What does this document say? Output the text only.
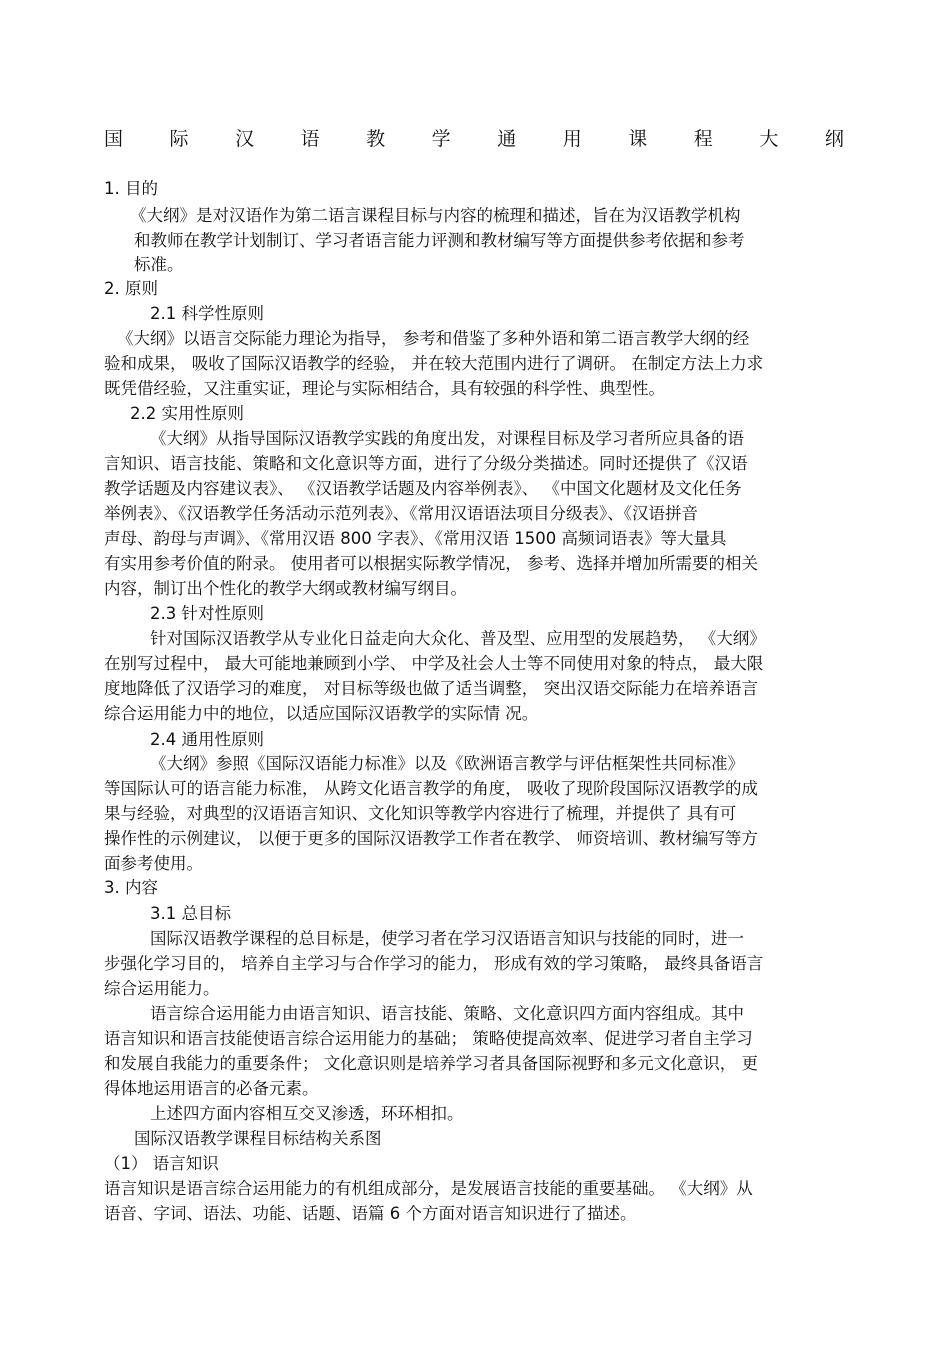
国 际 汉 语 教 学 通 用 课 程 大 纲
1. 目的
《大纲》是对汉语作为第二语言课程目标与内容的梳理和描述，旨在为汉语教学机构
和教师在教学计划制订、学习者语言能力评测和教材编写等方面提供参考依据和参考
标准。
2. 原则
2.1 科学性原则
《大纲》以语言交际能力理论为指导， 参考和借鉴了多种外语和第二语言教学大纲的经
验和成果， 吸收了国际汉语教学的经验， 并在较大范围内进行了调研。 在制定方法上力求
既凭借经验，又注重实证，理论与实际相结合，具有较强的科学性、典型性。
2.2 实用性原则
《大纲》从指导国际汉语教学实践的角度出发，对课程目标及学习者所应具备的语
言知识、语言技能、策略和文化意识等方面，进行了分级分类描述。同时还提供了《汉语
教学话题及内容建议表》、 《汉语教学话题及内容举例表》、 《中国文化题材及文化任务
举例表》、《汉语教学任务活动示范列表》、《常用汉语语法项目分级表》、《汉语拼音
声母、韵母与声调》、《常用汉语 800 字表》、《常用汉语 1500 高频词语表》等大量具
有实用参考价值的附录。 使用者可以根据实际教学情况， 参考、选择并增加所需要的相关
内容，制订出个性化的教学大纲或教材编写纲目。
2.3 针对性原则
针对国际汉语教学从专业化日益走向大众化、普及型、应用型的发展趋势， 《大纲》
在别写过程中， 最大可能地兼顾到小学、 中学及社会人士等不同使用对象的特点， 最大限
度地降低了汉语学习的难度， 对目标等级也做了适当调整， 突出汉语交际能力在培养语言
综合运用能力中的地位，以适应国际汉语教学的实际情 况。
2.4 通用性原则
《大纲》参照《国际汉语能力标准》以及《欧洲语言教学与评估框架性共同标准》
等国际认可的语言能力标准， 从跨文化语言教学的角度， 吸收了现阶段国际汉语教学的成
果与经验，对典型的汉语语言知识、文化知识等教学内容进行了梳理，并提供了 具有可
操作性的示例建议， 以便于更多的国际汉语教学工作者在教学、 师资培训、教材编写等方
面参考使用。
3. 内容
3.1 总目标
国际汉语教学课程的总目标是，使学习者在学习汉语语言知识与技能的同时，进一
步强化学习目的， 培养自主学习与合作学习的能力， 形成有效的学习策略， 最终具备语言
综合运用能力。
语言综合运用能力由语言知识、语言技能、策略、文化意识四方面内容组成。其中
语言知识和语言技能使语言综合运用能力的基础； 策略使提高效率、促进学习者自主学习
和发展自我能力的重要条件； 文化意识则是培养学习者具备国际视野和多元文化意识， 更
得体地运用语言的必备元素。
上述四方面内容相互交叉渗透，环环相扣。
国际汉语教学课程目标结构关系图
（1） 语言知识
语言知识是语言综合运用能力的有机组成部分，是发展语言技能的重要基础。 《大纲》从
语音、字词、语法、功能、话题、语篇 6 个方面对语言知识进行了描述。
